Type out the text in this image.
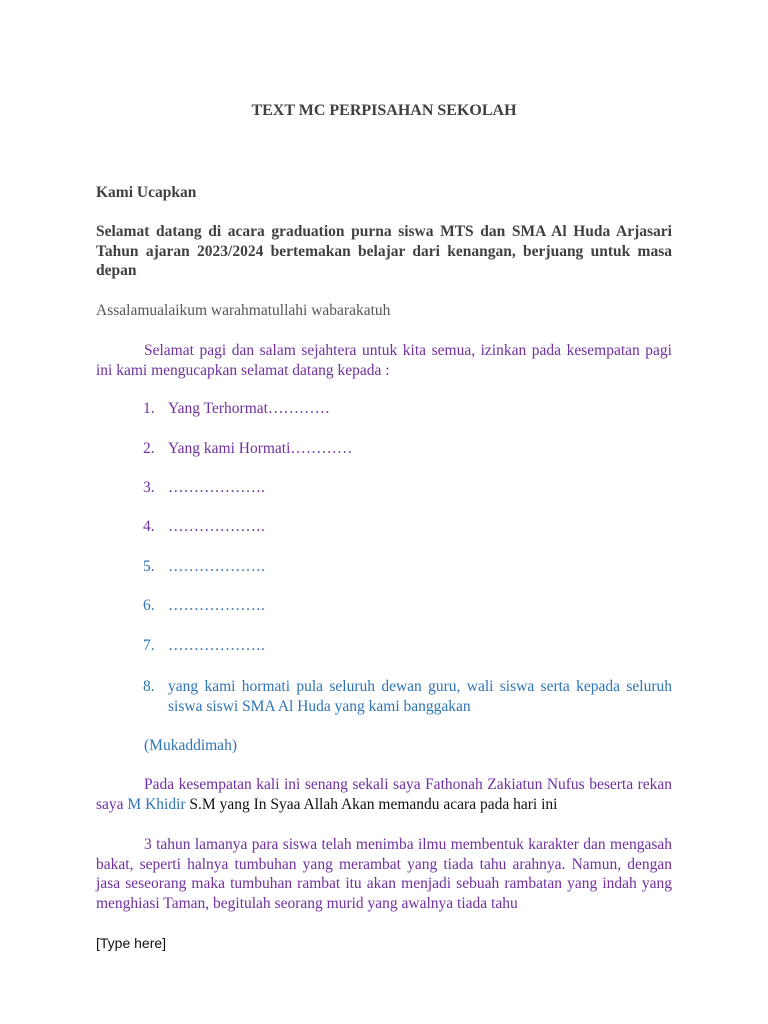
TEXT MC PERPISAHAN SEKOLAH
Kami Ucapkan
Selamat datang di acara graduation purna siswa MTS dan SMA Al Huda Arjasari Tahun ajaran 2023/2024 bertemakan belajar dari kenangan, berjuang untuk masa depan
Assalamualaikum warahmatullahi wabarakatuh
Selamat pagi dan salam sejahtera untuk kita semua, izinkan pada kesempatan pagi ini kami mengucapkan selamat datang kepada :
1. Yang Terhormat…………
2. Yang kami Hormati…………
3. ……………….
4. ……………….
5. ……………….
6. ……………….
7. ……………….
8. yang kami hormati pula seluruh dewan guru, wali siswa serta kepada seluruh siswa siswi SMA Al Huda yang kami banggakan
(Mukaddimah)
Pada kesempatan kali ini senang sekali saya Fathonah Zakiatun Nufus beserta rekan saya M Khidir S.M yang In Syaa Allah Akan memandu acara pada hari ini
3 tahun lamanya para siswa telah menimba ilmu membentuk karakter dan mengasah bakat, seperti halnya tumbuhan yang merambat yang tiada tahu arahnya. Namun, dengan jasa seseorang maka tumbuhan rambat itu akan menjadi sebuah rambatan yang indah yang menghiasi Taman, begitulah seorang murid yang awalnya tiada tahu
[Type here]
